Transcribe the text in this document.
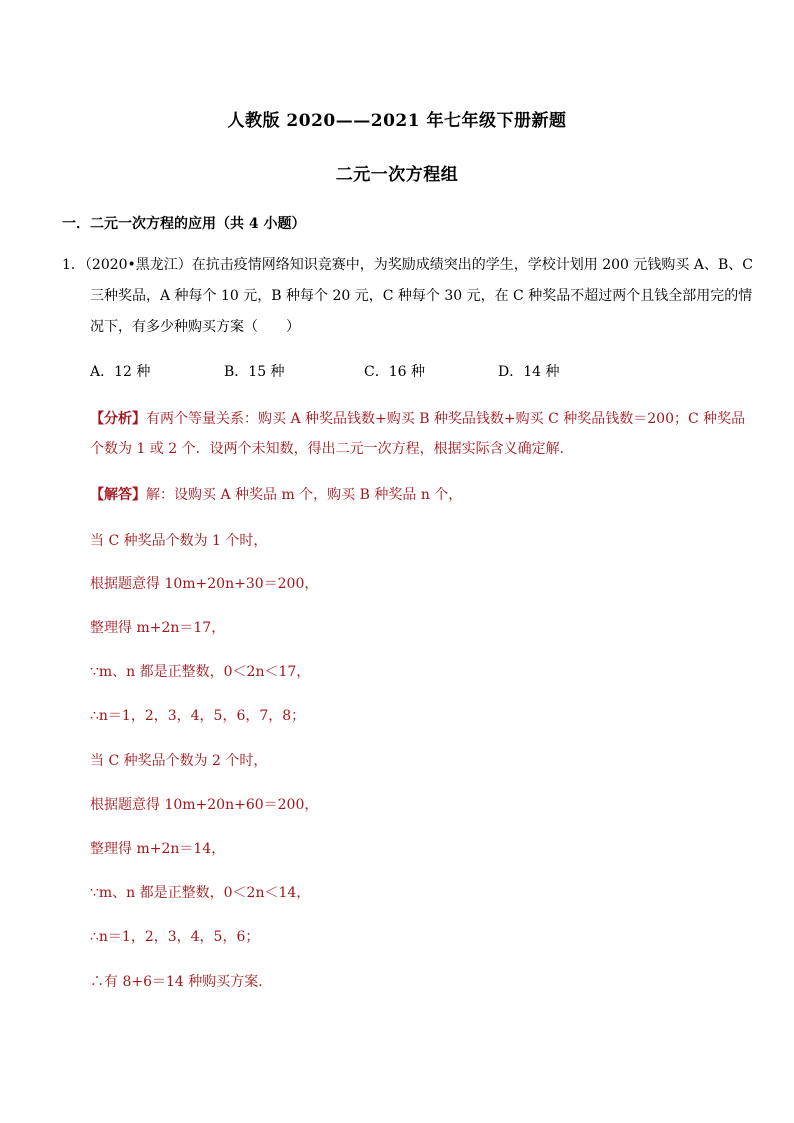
人教版 2020——2021 年七年级下册新题
二元一次方程组
一．二元一次方程的应用（共 4 小题）
1．（2020•黑龙江）在抗击疫情网络知识竞赛中，为奖励成绩突出的学生，学校计划用 200 元钱购买 A、B、C
三种奖品，A 种每个 10 元，B 种每个 20 元，C 种每个 30 元，在 C 种奖品不超过两个且钱全部用完的情
况下，有多少种购买方案（　　）
A．12 种	B．15 种	C．16 种	D．14 种
【分析】有两个等量关系：购买 A 种奖品钱数+购买 B 种奖品钱数+购买 C 种奖品钱数＝200；C 种奖品
个数为 1 或 2 个．设两个未知数，得出二元一次方程，根据实际含义确定解．
【解答】解：设购买 A 种奖品 m 个，购买 B 种奖品 n 个，
当 C 种奖品个数为 1 个时，
根据题意得 10m+20n+30＝200，
整理得 m+2n＝17，
∵m、n 都是正整数，0＜2n＜17，
∴n＝1，2，3，4，5，6，7，8；
当 C 种奖品个数为 2 个时，
根据题意得 10m+20n+60＝200，
整理得 m+2n＝14，
∵m、n 都是正整数，0＜2n＜14，
∴n＝1，2，3，4，5，6；
∴有 8+6＝14 种购买方案．
